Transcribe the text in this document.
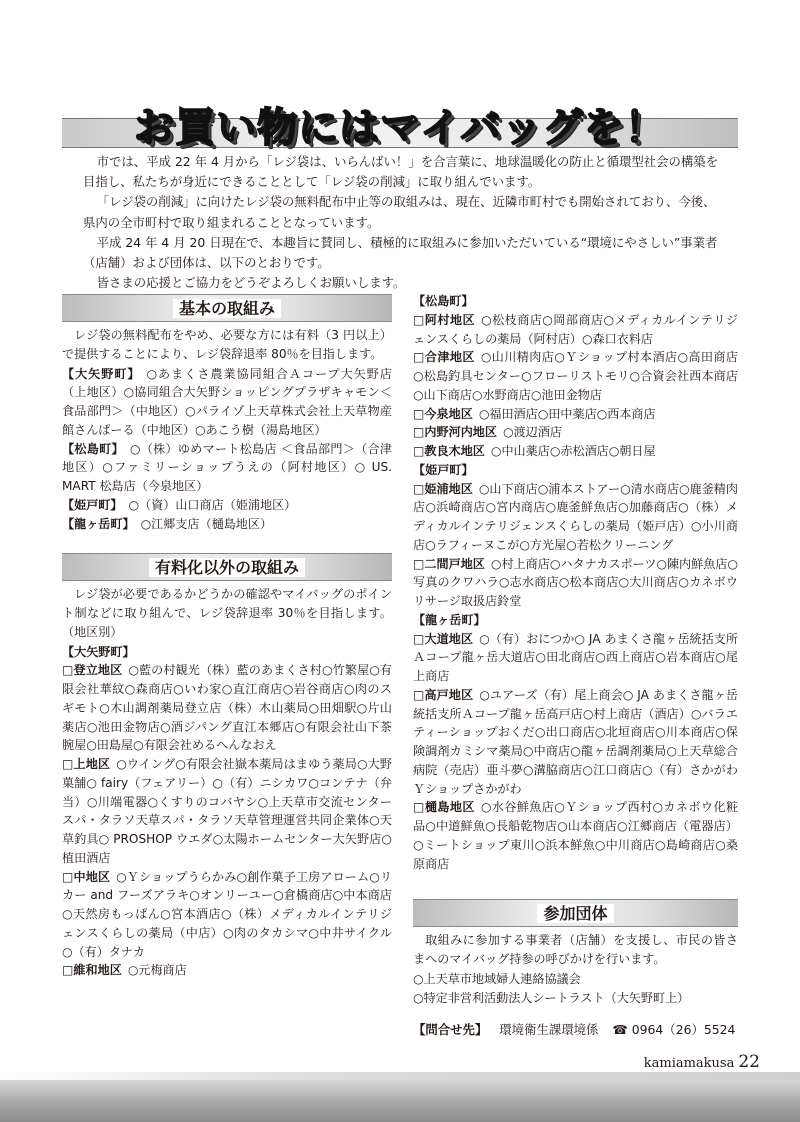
お買い物にはマイバッグを！

市では、平成 22 年 4 月から「レジ袋は、いらんばい！」を合言葉に、地球温暖化の防止と循環型社会の構築を目指し、私たちが身近にできることとして「レジ袋の削減」に取り組んでいます。

「レジ袋の削減」に向けたレジ袋の無料配布中止等の取組みは、現在、近隣市町村でも開始されており、今後、県内の全市町村で取り組まれることとなっています。

平成 24 年 4 月 20 日現在で、本趣旨に賛同し、積極的に取組みに参加いただいている“環境にやさしい”事業者（店舗）および団体は、以下のとおりです。

皆さまの応援とご協力をどうぞよろしくお願いします。

基本の取組み
レジ袋の無料配布をやめ、必要な方には有料（3 円以上）で提供することにより、レジ袋辞退率 80％を目指します。
【大矢野町】 ○あまくさ農業協同組合Ａコープ大矢野店（上地区）○協同組合大矢野ショッピングプラザキャモン＜食品部門＞（中地区）○パライゾ上天草株式会社上天草物産館さんぱーる（中地区）○あこう樹（湯島地区）
【松島町】 ○（株）ゆめマート松島店 ＜食品部門＞（合津地区）○ファミリーショップうえの（阿村地区）○ US. MART 松島店（今泉地区）
【姫戸町】 ○（資）山口商店（姫浦地区）
【龍ヶ岳町】 ○江郷支店（樋島地区）
有料化以外の取組み
レジ袋が必要であるかどうかの確認やマイバッグのポイント制などに取り組んで、レジ袋辞退率 30％を目指します。（地区別）
【大矢野町】
□登立地区 ○藍の村観光（株）藍のあまくさ村○竹繁屋○有限会社華紋○森商店○いわ家○直江商店○岩谷商店○肉のスギモト○木山調剤薬局登立店（株）木山薬局○田畑駅○片山薬店○池田金物店○酒ジパング直江本郷店○有限会社山下茶腕屋○田島屋○有限会社めるへんなおえ
□上地区 ○ウイング○有限会社嶽本薬局はまゆう薬局○大野菓舗○ fairy（フェアリー）○（有）ニシカワ○コンテナ（弁当）○川端電器○くすりのコバヤシ○上天草市交流センター スパ・タラソ天草スパ・タラソ天草管理運営共同企業体○天草釣具○ PROSHOP ウエダ○太陽ホームセンター大矢野店○植田酒店
□中地区 ○Ｙショップうらかみ○創作菓子工房アローム○リカー and フーズアラキ○オンリーユー○倉橋商店○中本商店○天然房もっぱん○宮本酒店○（株）メディカルインテリジェンスくらしの薬局（中店）○肉のタカシマ○中井サイクル○（有）タナカ
□維和地区 ○元梅商店
【松島町】
□阿村地区 ○松枝商店○岡部商店○メディカルインテリジェンスくらしの薬局（阿村店）○森口衣料店
□合津地区 ○山川精肉店○Ｙショップ村本酒店○高田商店○松島釣具センター○フローリストモリ○合資会社西本商店○山下商店○水野商店○池田金物店
□今泉地区 ○福田酒店○田中薬店○西本商店
□内野河内地区 ○渡辺酒店
□教良木地区 ○中山薬店○赤松酒店○朝日屋
【姫戸町】
□姫浦地区 ○山下商店○浦本ストアー○清水商店○鹿釜精肉店○浜崎商店○宮内商店○鹿釜鮮魚店○加藤商店○（株）メディカルインテリジェンスくらしの薬局（姫戸店）○小川商店○ラフィーヌこが○方光屋○若松クリーニング
□二間戸地区 ○村上商店○ハタナカスポーツ○陳内鮮魚店○写真のクワハラ○志水商店○松本商店○大川商店○カネボウリサージ取扱店鈴堂
【龍ヶ岳町】
□大道地区 ○（有）おにつか○ JA あまくさ龍ヶ岳統括支所Ａコープ龍ヶ岳大道店○田北商店○西上商店○岩本商店○尾上商店
□高戸地区 ○ユアーズ（有）尾上商会○ JA あまくさ龍ヶ岳統括支所Ａコープ龍ヶ岳高戸店○村上商店（酒店）○バラエティーショップおくだ○出口商店○北垣商店○川本商店○保険調剤カミシマ薬局○中商店○龍ヶ岳調剤薬局○上天草総合病院（売店）亜斗夢○溝脇商店○江口商店○（有）さかがわＹショップさかがわ
□樋島地区 ○水谷鮮魚店○Ｙショップ西村○カネボウ化粧品○中道鮮魚○長船乾物店○山本商店○江郷商店（電器店）○ミートショップ東川○浜本鮮魚○中川商店○島崎商店○桑原商店
参加団体
取組みに参加する事業者（店舗）を支援し、市民の皆さまへのマイバッグ持参の呼びかけを行います。
○上天草市地域婦人連絡協議会
○特定非営利活動法人シートラスト（大矢野町上）
【問合せ先】 環境衛生課環境係 ☎ 0964（26）5524
kamiamakusa 22
